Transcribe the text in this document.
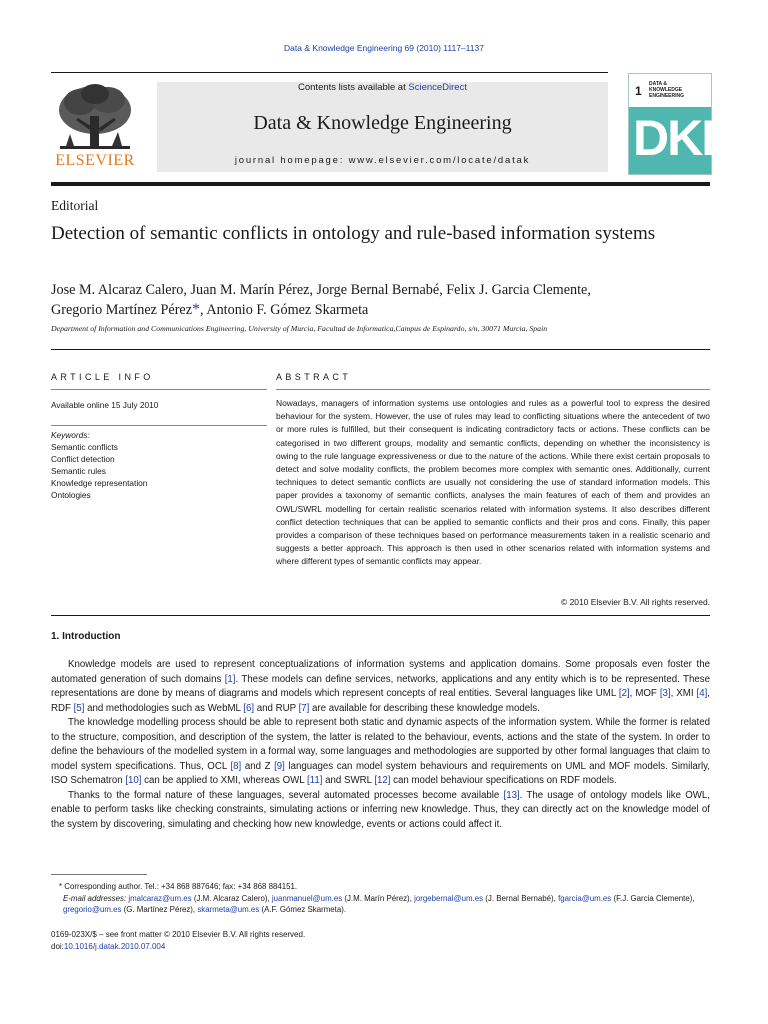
Data & Knowledge Engineering 69 (2010) 1117–1137
ELSEVIER
Contents lists available at ScienceDirect
Data & Knowledge Engineering
journal homepage: www.elsevier.com/locate/datak
1 DATA &
KNOWLEDGE
ENGINEERING
DKE
Editorial
Detection of semantic conflicts in ontology and rule-based information systems
Jose M. Alcaraz Calero, Juan M. Marín Pérez, Jorge Bernal Bernabé, Felix J. Garcia Clemente,
Gregorio Martínez Pérez*, Antonio F. Gómez Skarmeta
Department of Information and Communications Engineering, University of Murcia, Facultad de Informatica,Campus de Espinardo, s/n, 30071 Murcia, Spain
ARTICLE INFO
Available online 15 July 2010
Keywords:
Semantic conflicts
Conflict detection
Semantic rules
Knowledge representation
Ontologies
ABSTRACT
Nowadays, managers of information systems use ontologies and rules as a powerful tool to express the desired behaviour for the system. However, the use of rules may lead to conflicting situations where the antecedent of two or more rules is fulfilled, but their consequent is indicating contradictory facts or actions. These conflicts can be categorised in two different groups, modality and semantic conflicts, depending on whether the inconsistency is owing to the rule language expressiveness or due to the nature of the actions. While there exist certain proposals to detect and solve modality conflicts, the problem becomes more complex with semantic ones. Additionally, current techniques to detect semantic conflicts are usually not considering the use of standard information models. This paper provides a taxonomy of semantic conflicts, analyses the main features of each of them and provides an OWL/SWRL modelling for certain realistic scenarios related with information systems. It also describes different conflict detection techniques that can be applied to semantic conflicts and their pros and cons. Finally, this paper provides a comparison of these techniques based on performance measurements taken in a realistic scenario and suggests a better approach. This approach is then used in other scenarios related with information systems and where different types of semantic conflicts may appear.
© 2010 Elsevier B.V. All rights reserved.
1. Introduction

Knowledge models are used to represent conceptualizations of information systems and application domains. Some proposals even foster the automated generation of such domains [1]. These models can define services, networks, applications and any entity which is to be represented. These representations are done by means of diagrams and models which represent concepts of real entities. Several languages like UML [2], MOF [3], XMI [4], RDF [5] and methodologies such as WebML [6] and RUP [7] are available for describing these knowledge models.

The knowledge modelling process should be able to represent both static and dynamic aspects of the information system. While the former is related to the structure, composition, and description of the system, the latter is related to the behaviour, events, actions and the state of the system. In order to define the behaviours of the modelled system in a formal way, some languages and methodologies are supported by other formal languages that claim to model system specifications. Thus, OCL [8] and Z [9] languages can model system behaviours and requirements on UML and MOF models. Similarly, ISO Schematron [10] can be applied to XMI, whereas OWL [11] and SWRL [12] can model behaviour specifications on RDF models.

Thanks to the formal nature of these languages, several automated processes become available [13]. The usage of ontology models like OWL, enable to perform tasks like checking constraints, simulating actions or inferring new knowledge. Thus, they can directly act on the knowledge model of the system by discovering, simulating and checking how new knowledge, events or actions could affect it.

* Corresponding author. Tel.: +34 868 887646; fax: +34 868 884151.
E-mail addresses: jmalcaraz@um.es (J.M. Alcaraz Calero), juanmanuel@um.es (J.M. Marín Pérez), jorgebernal@um.es (J. Bernal Bernabé), fgarcia@um.es (F.J. Garcia Clemente), gregorio@um.es (G. Martínez Pérez), skarmeta@um.es (A.F. Gómez Skarmeta).
0169-023X/$ – see front matter © 2010 Elsevier B.V. All rights reserved.
doi:10.1016/j.datak.2010.07.004
